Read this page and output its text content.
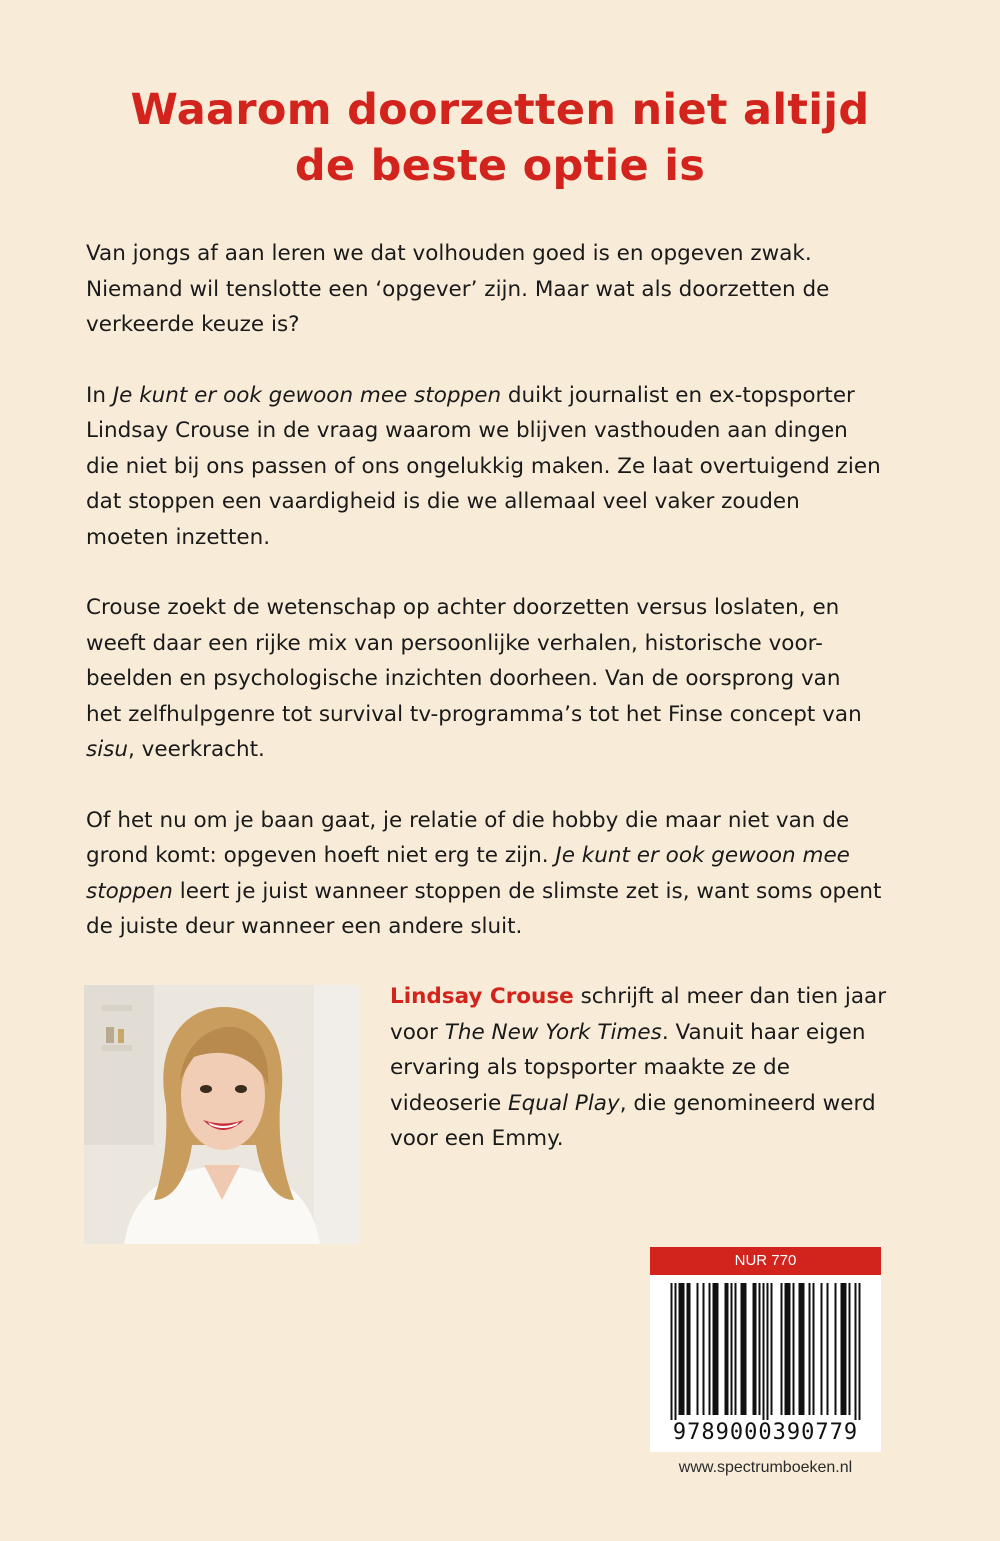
Waarom doorzetten niet altijd
de beste optie is

Van jongs af aan leren we dat volhouden goed is en opgeven zwak.
Niemand wil tenslotte een ‘opgever’ zijn. Maar wat als doorzetten de
verkeerde keuze is?

In Je kunt er ook gewoon mee stoppen duikt journalist en ex-topsporter
Lindsay Crouse in de vraag waarom we blijven vasthouden aan dingen
die niet bij ons passen of ons ongelukkig maken. Ze laat overtuigend zien
dat stoppen een vaardigheid is die we allemaal veel vaker zouden
moeten inzetten.

Crouse zoekt de wetenschap op achter doorzetten versus loslaten, en
weeft daar een rijke mix van persoonlijke verhalen, historische voor-
beelden en psychologische inzichten doorheen. Van de oorsprong van
het zelfhulpgenre tot survival tv-programma’s tot het Finse concept van
sisu, veerkracht.

Of het nu om je baan gaat, je relatie of die hobby die maar niet van de
grond komt: opgeven hoeft niet erg te zijn. Je kunt er ook gewoon mee
stoppen leert je juist wanneer stoppen de slimste zet is, want soms opent
de juiste deur wanneer een andere sluit.

Lindsay Crouse schrijft al meer dan tien jaar
voor The New York Times. Vanuit haar eigen
ervaring als topsporter maakte ze de
videoserie Equal Play, die genomineerd werd
voor een Emmy.

NUR 770
9789000390779
www.spectrumboeken.nl
